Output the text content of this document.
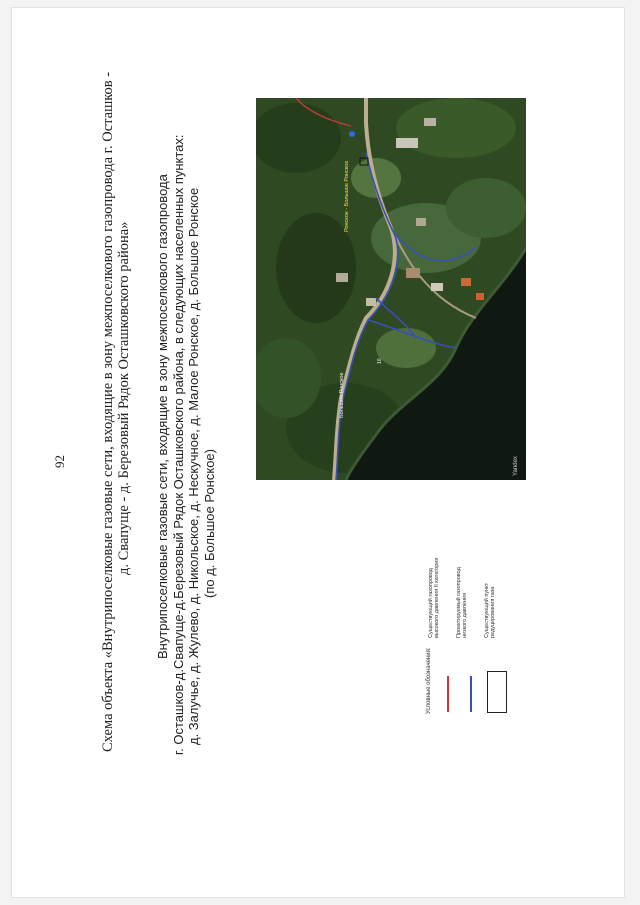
92 Схема объекта «Внутрипоселковые газовые сети, входящие в зону межпоселкового газопровода г. Осташков - д. Свапуще - д. Березовый Рядок Осташковского района» Внутрипоселковые газовые сети, входящие в зону межпоселкового газопровода г. Осташков-д.Свапуще-д.Березовый Рядок Осташковского района, в следующих населенных пунктах: д. Залучье, д. Жулево, д. Никольское, д. Нескучное, д. Малое Ронское, д. Большое Ронское (по д. Большое Ронское)
Ронское - Большое Ронское
Большое Ронское
Yandex
10
Условные обозначения:
Существующий газопровод высокого давления II категории	Проектируемый газопровод низкого давления	Существующий пункт редуцирования газа
